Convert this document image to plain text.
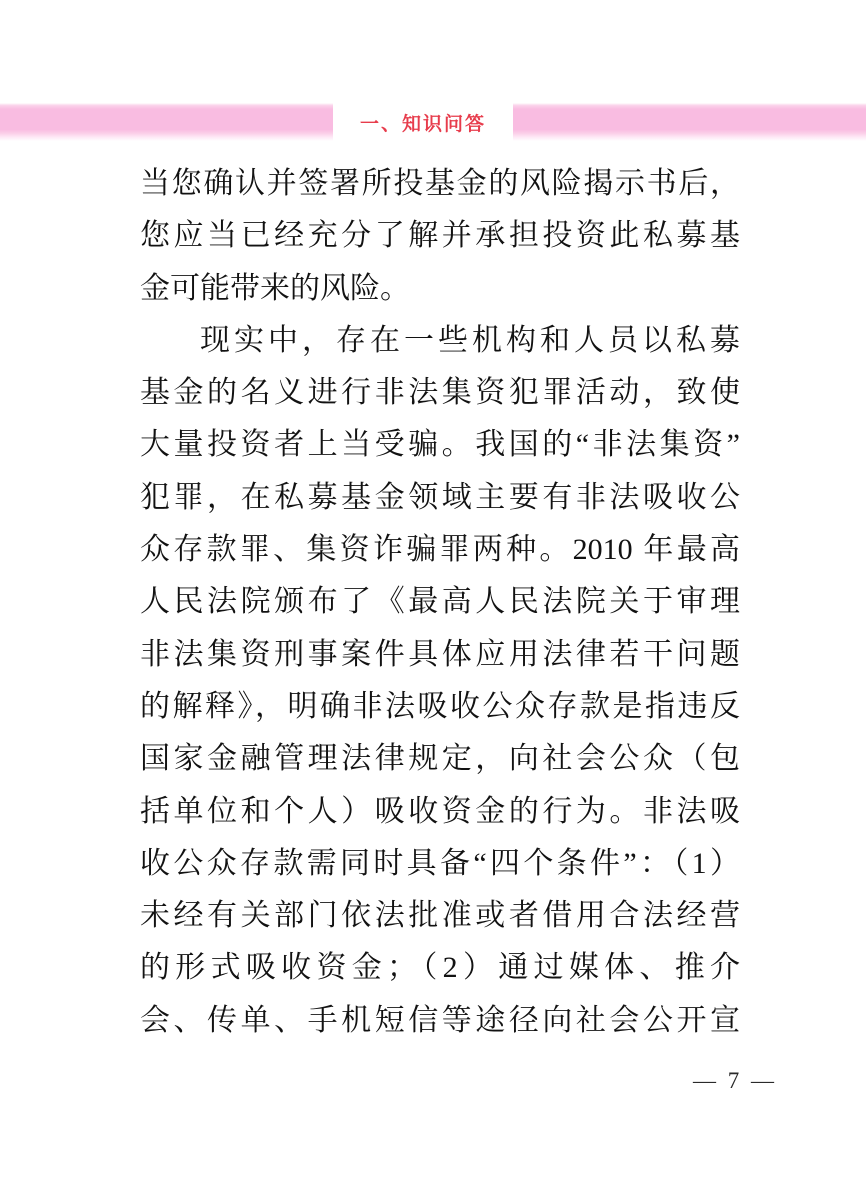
一、知识问答
当您确认并签署所投基金的风险揭示书后，
您应当已经充分了解并承担投资此私募基
金可能带来的风险。
现实中，存在一些机构和人员以私募
基金的名义进行非法集资犯罪活动，致使
大量投资者上当受骗。我国的“非法集资”
犯罪，在私募基金领域主要有非法吸收公
众存款罪、集资诈骗罪两种。2010 年最高
人民法院颁布了《最高人民法院关于审理
非法集资刑事案件具体应用法律若干问题
的解释》，明确非法吸收公众存款是指违反
国家金融管理法律规定，向社会公众（包
括单位和个人）吸收资金的行为。非法吸
收公众存款需同时具备“四个条件”：（1）
未经有关部门依法批准或者借用合法经营
的形式吸收资金；（2）通过媒体、推介
会、传单、手机短信等途径向社会公开宣
— 7 —
